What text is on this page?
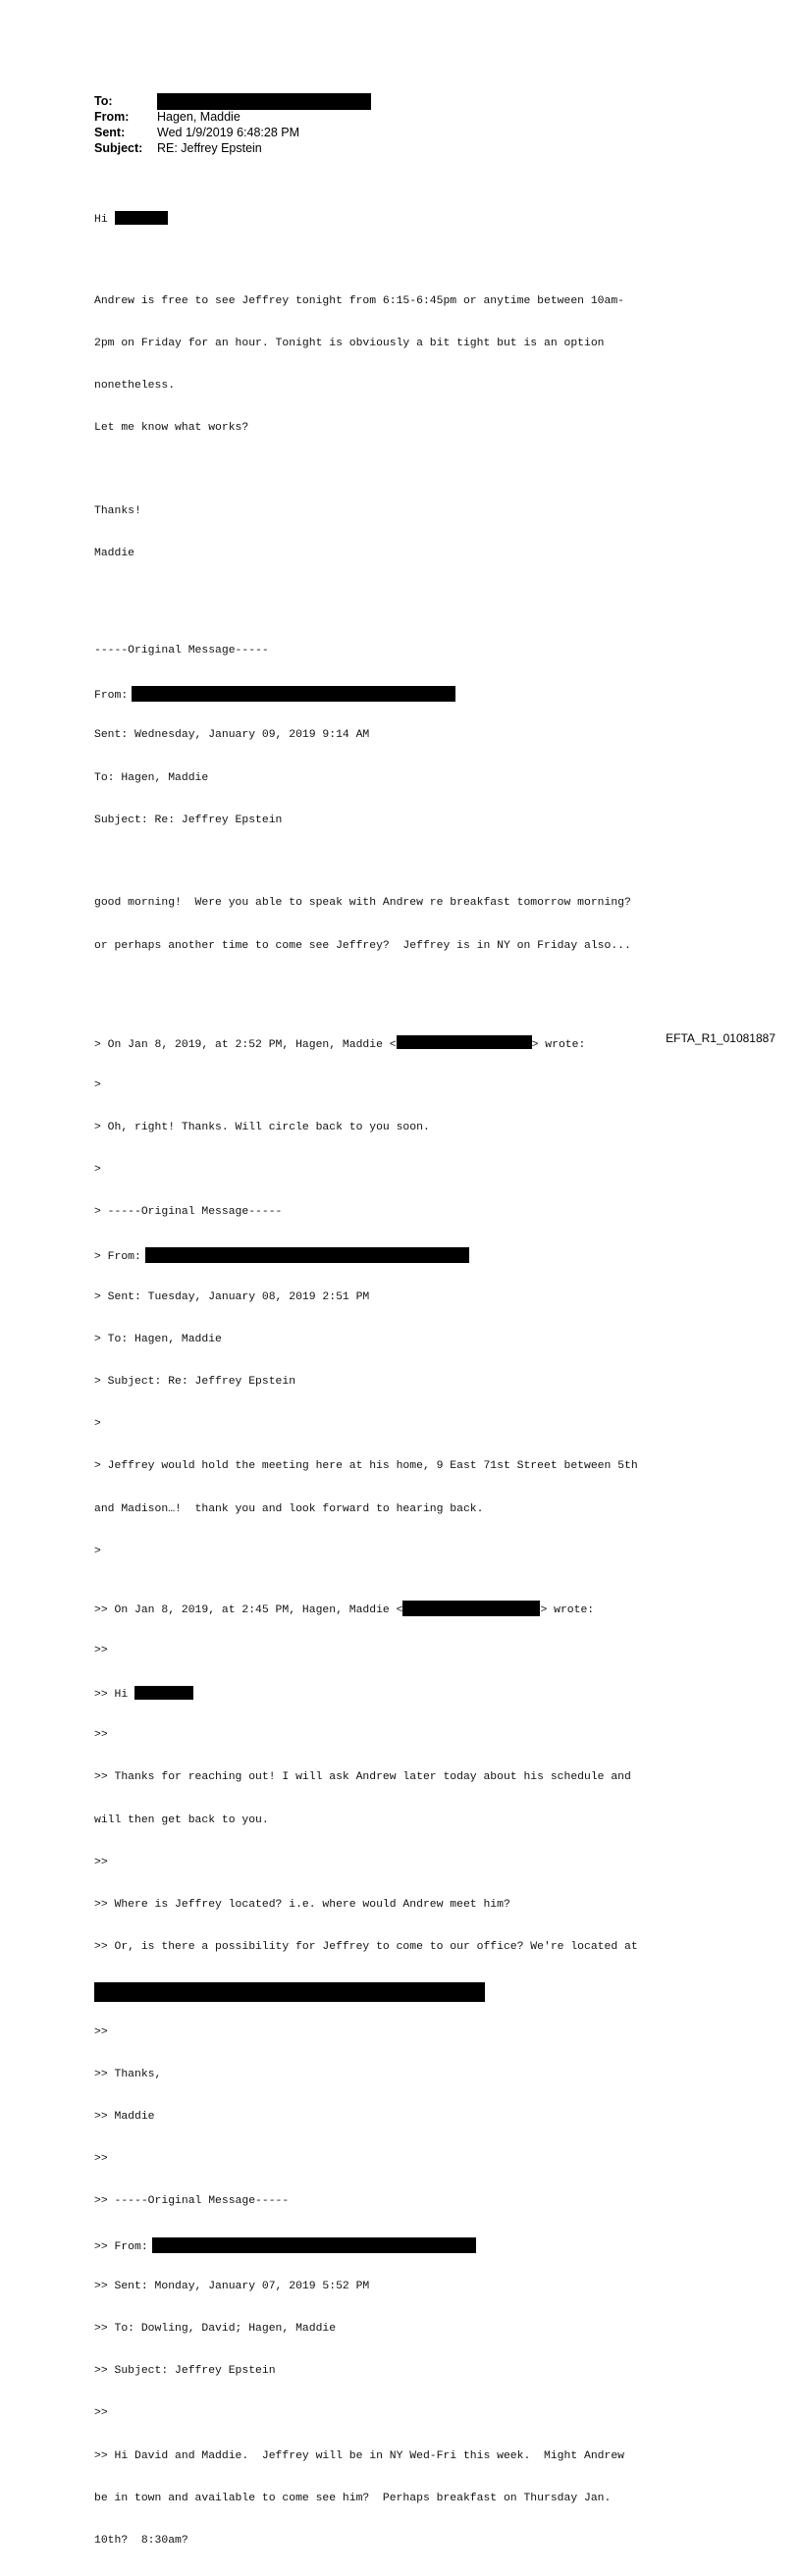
To:
From: Hagen, Maddie
Sent:	Wed 1/9/2019 6:48:28 PM
Subject: RE: Jeffrey Epstein

Hi

Andrew is free to see Jeffrey tonight from 6:15-6:45pm or anytime between 10am-

2pm on Friday for an hour. Tonight is obviously a bit tight but is an option

nonetheless.

Let me know what works?

Thanks!

Maddie

-----Original Message-----

From:

Sent: Wednesday, January 09, 2019 9:14 AM

To: Hagen, Maddie

Subject: Re: Jeffrey Epstein

good morning!  Were you able to speak with Andrew re breakfast tomorrow morning?

or perhaps another time to come see Jeffrey?  Jeffrey is in NY on Friday also...

> On Jan 8, 2019, at 2:52 PM, Hagen, Maddie <	> wrote:

>

> Oh, right! Thanks. Will circle back to you soon.

>

> -----Original Message-----

> From:

> Sent: Tuesday, January 08, 2019 2:51 PM

> To: Hagen, Maddie

> Subject: Re: Jeffrey Epstein

>

> Jeffrey would hold the meeting here at his home, 9 East 71st Street between 5th

and Madison…!  thank you and look forward to hearing back.

>

>> On Jan 8, 2019, at 2:45 PM, Hagen, Maddie <	> wrote:

>>

>> Hi

>>

>> Thanks for reaching out! I will ask Andrew later today about his schedule and

will then get back to you.

>>

>> Where is Jeffrey located? i.e. where would Andrew meet him?

>> Or, is there a possibility for Jeffrey to come to our office? We're located at

>>

>> Thanks,

>> Maddie

>>

>> -----Original Message-----

>> From:

>> Sent: Monday, January 07, 2019 5:52 PM

>> To: Dowling, David; Hagen, Maddie

>> Subject: Jeffrey Epstein

>>

>> Hi David and Maddie.  Jeffrey will be in NY Wed-Fri this week.  Might Andrew

be in town and available to come see him?  Perhaps breakfast on Thursday Jan.

10th?  8:30am?

EFTA_R1_01081887
